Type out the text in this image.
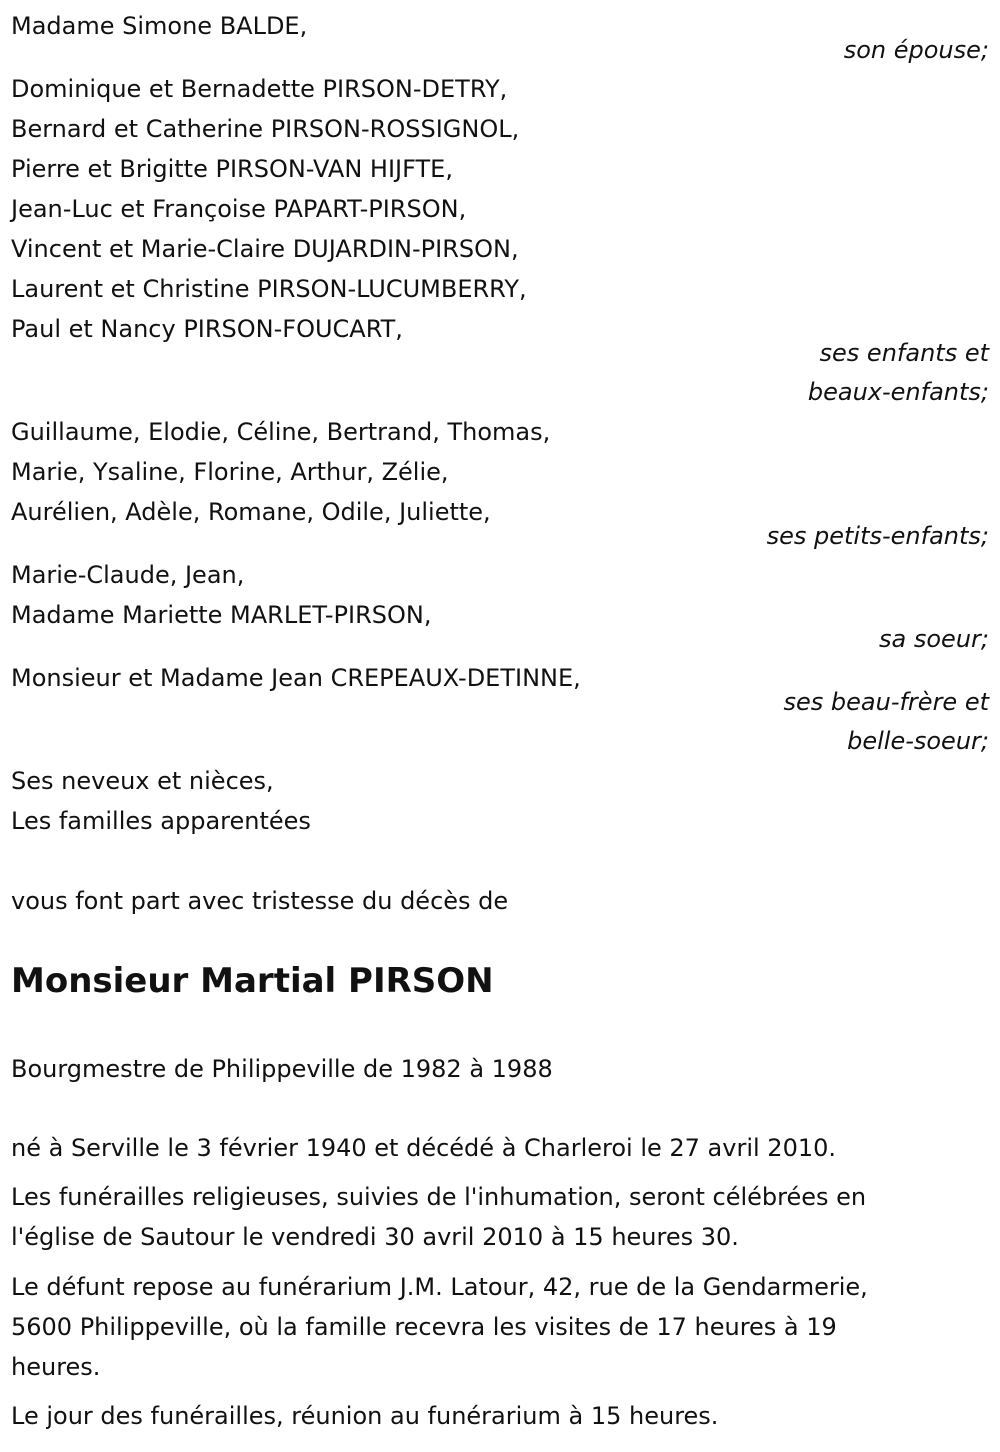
Madame Simone BALDE,

son épouse;

Dominique et Bernadette PIRSON-DETRY,

Bernard et Catherine PIRSON-ROSSIGNOL,

Pierre et Brigitte PIRSON-VAN HIJFTE,

Jean-Luc et Françoise PAPART-PIRSON,

Vincent et Marie-Claire DUJARDIN-PIRSON,

Laurent et Christine PIRSON-LUCUMBERRY,

Paul et Nancy PIRSON-FOUCART,

ses enfants et

beaux-enfants;

Guillaume, Elodie, Céline, Bertrand, Thomas,

Marie, Ysaline, Florine, Arthur, Zélie,

Aurélien, Adèle, Romane, Odile, Juliette,

ses petits-enfants;

Marie-Claude, Jean,

Madame Mariette MARLET-PIRSON,

sa soeur;

Monsieur et Madame Jean CREPEAUX-DETINNE,

ses beau-frère et

belle-soeur;

Ses neveux et nièces,

Les familles apparentées

vous font part avec tristesse du décès de

Monsieur Martial PIRSON

Bourgmestre de Philippeville de 1982 à 1988

né à Serville le 3 février 1940 et décédé à Charleroi le 27 avril 2010.

Les funérailles religieuses, suivies de l'inhumation, seront célébrées en

l'église de Sautour le vendredi 30 avril 2010 à 15 heures 30.

Le défunt repose au funérarium J.M. Latour, 42, rue de la Gendarmerie,

5600 Philippeville, où la famille recevra les visites de 17 heures à 19

heures.

Le jour des funérailles, réunion au funérarium à 15 heures.
